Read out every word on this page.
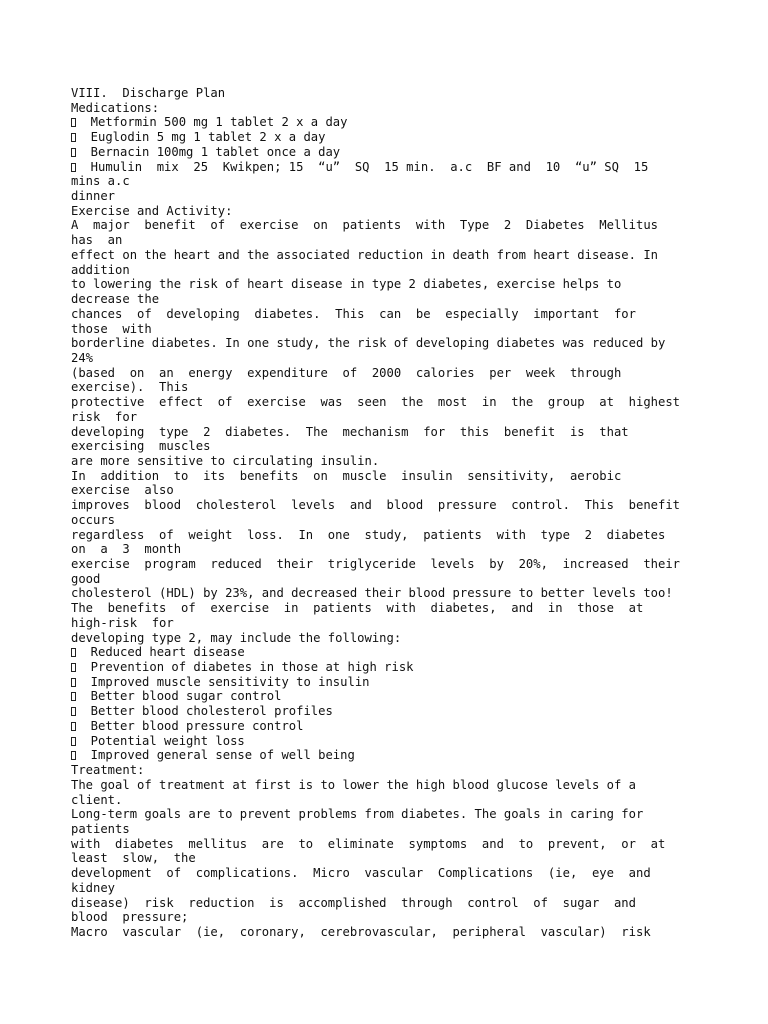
VIII.  Discharge Plan
Medications:
Metformin 500 mg 1 tablet 2 x a day
Euglodin 5 mg 1 tablet 2 x a day
Bernacin 100mg 1 tablet once a day
Humulin  mix  25  Kwikpen; 15  “u”  SQ  15 min.  a.c  BF and  10  “u” SQ  15
mins a.c
dinner
Exercise and Activity:
A  major  benefit  of  exercise  on  patients  with  Type  2  Diabetes  Mellitus
has  an
effect on the heart and the associated reduction in death from heart disease. In
addition
to lowering the risk of heart disease in type 2 diabetes, exercise helps to
decrease the
chances  of  developing  diabetes.  This  can  be  especially  important  for
those  with
borderline diabetes. In one study, the risk of developing diabetes was reduced by
24%
(based  on  an  energy  expenditure  of  2000  calories  per  week  through
exercise).  This
protective  effect  of  exercise  was  seen  the  most  in  the  group  at  highest
risk  for
developing  type  2  diabetes.  The  mechanism  for  this  benefit  is  that
exercising  muscles
are more sensitive to circulating insulin.
In  addition  to  its  benefits  on  muscle  insulin  sensitivity,  aerobic
exercise  also
improves  blood  cholesterol  levels  and  blood  pressure  control.  This  benefit
occurs
regardless  of  weight  loss.  In  one  study,  patients  with  type  2  diabetes
on  a  3  month
exercise  program  reduced  their  triglyceride  levels  by  20%,  increased  their
good
cholesterol (HDL) by 23%, and decreased their blood pressure to better levels too!
The  benefits  of  exercise  in  patients  with  diabetes,  and  in  those  at
high-risk  for
developing type 2, may include the following:
Reduced heart disease
Prevention of diabetes in those at high risk
Improved muscle sensitivity to insulin
Better blood sugar control
Better blood cholesterol profiles
Better blood pressure control
Potential weight loss
Improved general sense of well being
Treatment:
The goal of treatment at first is to lower the high blood glucose levels of a
client.
Long-term goals are to prevent problems from diabetes. The goals in caring for
patients
with  diabetes  mellitus  are  to  eliminate  symptoms  and  to  prevent,  or  at
least  slow,  the
development  of  complications.  Micro  vascular  Complications  (ie,  eye  and
kidney
disease)  risk  reduction  is  accomplished  through  control  of  sugar  and
blood  pressure;
Macro  vascular  (ie,  coronary,  cerebrovascular,  peripheral  vascular)  risk
